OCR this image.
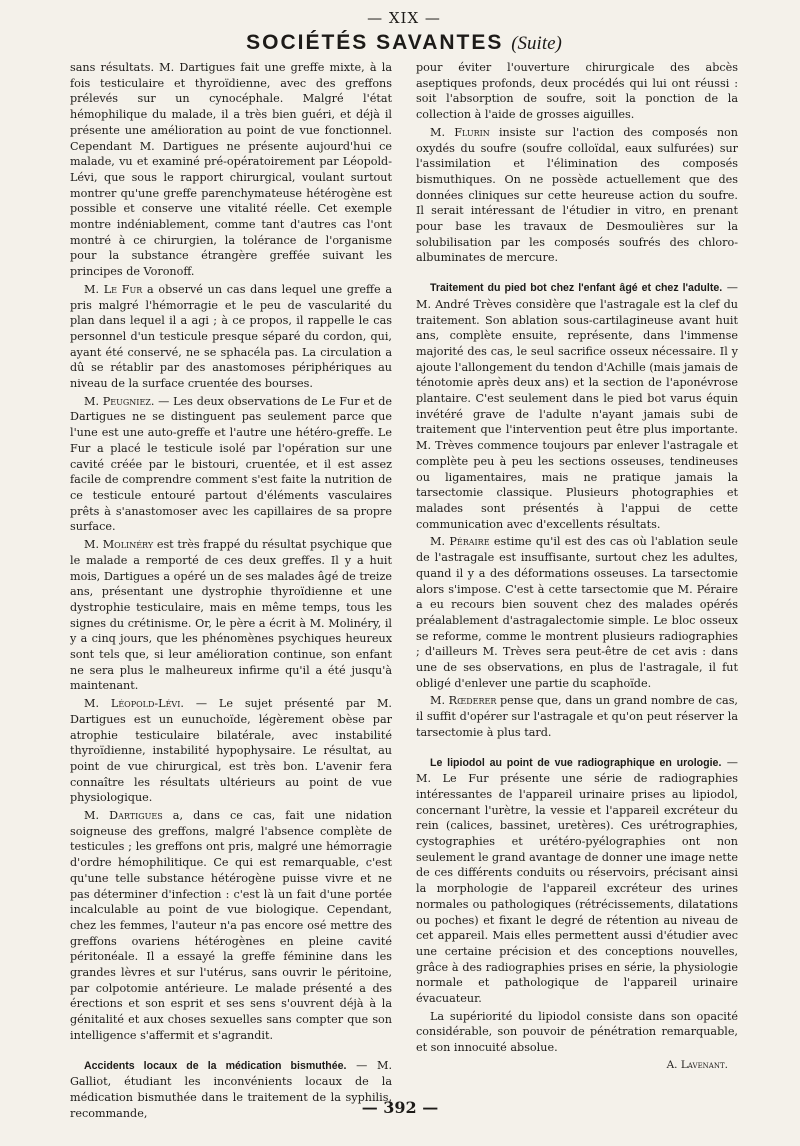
— XIX —
SOCIÉTÉS SAVANTES (Suite)

sans résultats. M. Dartigues fait une greffe mixte, à la fois testiculaire et thyroïdienne, avec des greffons prélevés sur un cynocéphale. Malgré l'état hémophilique du malade, il a très bien guéri, et déjà il présente une amélioration au point de vue fonctionnel. Cependant M. Dartigues ne présente aujourd'hui ce malade, vu et examiné pré-opératoirement par Léopold-Lévi, que sous le rapport chirurgical, voulant surtout montrer qu'une greffe parenchymateuse hétérogène est possible et conserve une vitalité réelle. Cet exemple montre indéniablement, comme tant d'autres cas l'ont montré à ce chirurgien, la tolérance de l'organisme pour la substance étrangère greffée suivant les principes de Voronoff.

M. Le Fur a observé un cas dans lequel une greffe a pris malgré l'hémorragie et le peu de vascularité du plan dans lequel il a agi ; à ce propos, il rappelle le cas personnel d'un testicule presque séparé du cordon, qui, ayant été conservé, ne se sphacéla pas. La circulation a dû se rétablir par des anastomoses périphériques au niveau de la surface cruentée des bourses.

M. Peugniez. — Les deux observations de Le Fur et de Dartigues ne se distinguent pas seulement parce que l'une est une auto-greffe et l'autre une hétéro-greffe. Le Fur a placé le testicule isolé par l'opération sur une cavité créée par le bistouri, cruentée, et il est assez facile de comprendre comment s'est faite la nutrition de ce testicule entouré partout d'éléments vasculaires prêts à s'anastomoser avec les capillaires de sa propre surface.

M. Molinéry est très frappé du résultat psychique que le malade a remporté de ces deux greffes. Il y a huit mois, Dartigues a opéré un de ses malades âgé de treize ans, présentant une dystrophie thyroïdienne et une dystrophie testiculaire, mais en même temps, tous les signes du crétinisme. Or, le père a écrit à M. Molinéry, il y a cinq jours, que les phénomènes psychiques heureux sont tels que, si leur amélioration continue, son enfant ne sera plus le malheureux infirme qu'il a été jusqu'à maintenant.

M. Léopold-Lévi. — Le sujet présenté par M. Dartigues est un eunuchoïde, légèrement obèse par atrophie testiculaire bilatérale, avec instabilité thyroïdienne, instabilité hypophysaire. Le résultat, au point de vue chirurgical, est très bon. L'avenir fera connaître les résultats ultérieurs au point de vue physiologique.

M. Dartigues a, dans ce cas, fait une nidation soigneuse des greffons, malgré l'absence complète de testicules ; les greffons ont pris, malgré une hémorragie d'ordre hémophilitique. Ce qui est remarquable, c'est qu'une telle substance hétérogène puisse vivre et ne pas déterminer d'infection : c'est là un fait d'une portée incalculable au point de vue biologique. Cependant, chez les femmes, l'auteur n'a pas encore osé mettre des greffons ovariens hétérogènes en pleine cavité péritonéale. Il a essayé la greffe féminine dans les grandes lèvres et sur l'utérus, sans ouvrir le péritoine, par colpotomie antérieure. Le malade présenté a des érections et son esprit et ses sens s'ouvrent déjà à la génitalité et aux choses sexuelles sans compter que son intelligence s'affermit et s'agrandit.

Accidents locaux de la médication bismuthée. — M. Galliot, étudiant les inconvénients locaux de la médication bismuthée dans le traitement de la syphilis, recommande,

pour éviter l'ouverture chirurgicale des abcès aseptiques profonds, deux procédés qui lui ont réussi : soit l'absorption de soufre, soit la ponction de la collection à l'aide de grosses aiguilles.

M. Flurin insiste sur l'action des composés non oxydés du soufre (soufre colloïdal, eaux sulfurées) sur l'assimilation et l'élimination des composés bismuthiques. On ne possède actuellement que des données cliniques sur cette heureuse action du soufre. Il serait intéressant de l'étudier in vitro, en prenant pour base les travaux de Desmoulières sur la solubilisation par les composés soufrés des chloro-albuminates de mercure.

Traitement du pied bot chez l'enfant âgé et chez l'adulte. — M. André Trèves considère que l'astragale est la clef du traitement. Son ablation sous-cartilagineuse avant huit ans, complète ensuite, représente, dans l'immense majorité des cas, le seul sacrifice osseux nécessaire. Il y ajoute l'allongement du tendon d'Achille (mais jamais de ténotomie après deux ans) et la section de l'aponévrose plantaire. C'est seulement dans le pied bot varus équin invétéré grave de l'adulte n'ayant jamais subi de traitement que l'intervention peut être plus importante. M. Trèves commence toujours par enlever l'astragale et complète peu à peu les sections osseuses, tendineuses ou ligamentaires, mais ne pratique jamais la tarsectomie classique. Plusieurs photographies et malades sont présentés à l'appui de cette communication avec d'excellents résultats.

M. Péraire estime qu'il est des cas où l'ablation seule de l'astragale est insuffisante, surtout chez les adultes, quand il y a des déformations osseuses. La tarsectomie alors s'impose. C'est à cette tarsectomie que M. Péraire a eu recours bien souvent chez des malades opérés préalablement d'astragalectomie simple. Le bloc osseux se reforme, comme le montrent plusieurs radiographies ; d'ailleurs M. Trèves sera peut-être de cet avis : dans une de ses observations, en plus de l'astragale, il fut obligé d'enlever une partie du scaphoïde.

M. Rœderer pense que, dans un grand nombre de cas, il suffit d'opérer sur l'astragale et qu'on peut réserver la tarsectomie à plus tard.

Le lipiodol au point de vue radiographique en urologie. — M. Le Fur présente une série de radiographies intéressantes de l'appareil urinaire prises au lipiodol, concernant l'urètre, la vessie et l'appareil excréteur du rein (calices, bassinet, uretères). Ces urétrographies, cystographies et urétéro-pyélographies ont non seulement le grand avantage de donner une image nette de ces différents conduits ou réservoirs, précisant ainsi la morphologie de l'appareil excréteur des urines normales ou pathologiques (rétrécissements, dilatations ou poches) et fixant le degré de rétention au niveau de cet appareil. Mais elles permettent aussi d'étudier avec une certaine précision et des conceptions nouvelles, grâce à des radiographies prises en série, la physiologie normale et pathologique de l'appareil urinaire évacuateur.

La supériorité du lipiodol consiste dans son opacité considérable, son pouvoir de pénétration remarquable, et son innocuité absolue.

A. Lavenant.
— 392 —
